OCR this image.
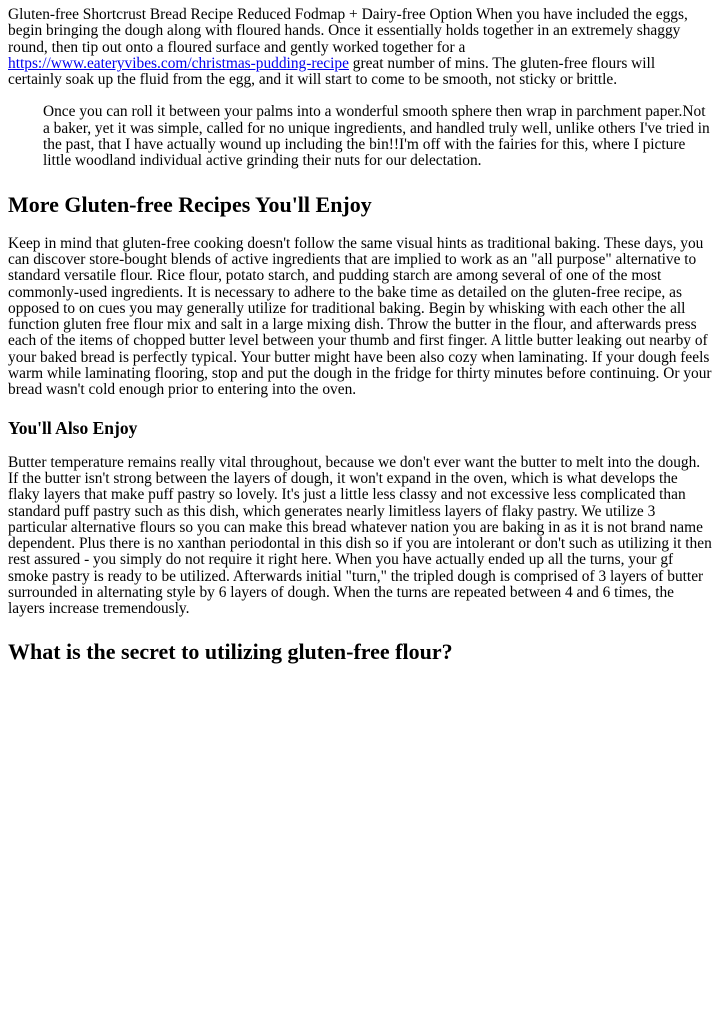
Gluten-free Shortcrust Bread Recipe Reduced Fodmap + Dairy-free Option When you have included the eggs, begin bringing the dough along with floured hands. Once it essentially holds together in an extremely shaggy round, then tip out onto a floured surface and gently worked together for a https://www.eateryvibes.com/christmas-pudding-recipe great number of mins. The gluten-free flours will certainly soak up the fluid from the egg, and it will start to come to be smooth, not sticky or brittle.

Once you can roll it between your palms into a wonderful smooth sphere then wrap in parchment paper.Not a baker, yet it was simple, called for no unique ingredients, and handled truly well, unlike others I've tried in the past, that I have actually wound up including the bin!!I'm off with the fairies for this, where I picture little woodland individual active grinding their nuts for our delectation.

More Gluten-free Recipes You'll Enjoy

Keep in mind that gluten-free cooking doesn't follow the same visual hints as traditional baking. These days, you can discover store-bought blends of active ingredients that are implied to work as an "all purpose" alternative to standard versatile flour. Rice flour, potato starch, and pudding starch are among several of one of the most commonly-used ingredients. It is necessary to adhere to the bake time as detailed on the gluten-free recipe, as opposed to on cues you may generally utilize for traditional baking. Begin by whisking with each other the all function gluten free flour mix and salt in a large mixing dish. Throw the butter in the flour, and afterwards press each of the items of chopped butter level between your thumb and first finger. A little butter leaking out nearby of your baked bread is perfectly typical. Your butter might have been also cozy when laminating. If your dough feels warm while laminating flooring, stop and put the dough in the fridge for thirty minutes before continuing. Or your bread wasn't cold enough prior to entering into the oven.

You'll Also Enjoy

Butter temperature remains really vital throughout, because we don't ever want the butter to melt into the dough. If the butter isn't strong between the layers of dough, it won't expand in the oven, which is what develops the flaky layers that make puff pastry so lovely. It's just a little less classy and not excessive less complicated than standard puff pastry such as this dish, which generates nearly limitless layers of flaky pastry. We utilize 3 particular alternative flours so you can make this bread whatever nation you are baking in as it is not brand name dependent. Plus there is no xanthan periodontal in this dish so if you are intolerant or don't such as utilizing it then rest assured - you simply do not require it right here. When you have actually ended up all the turns, your gf smoke pastry is ready to be utilized. Afterwards initial "turn," the tripled dough is comprised of 3 layers of butter surrounded in alternating style by 6 layers of dough. When the turns are repeated between 4 and 6 times, the layers increase tremendously.

What is the secret to utilizing gluten-free flour?
